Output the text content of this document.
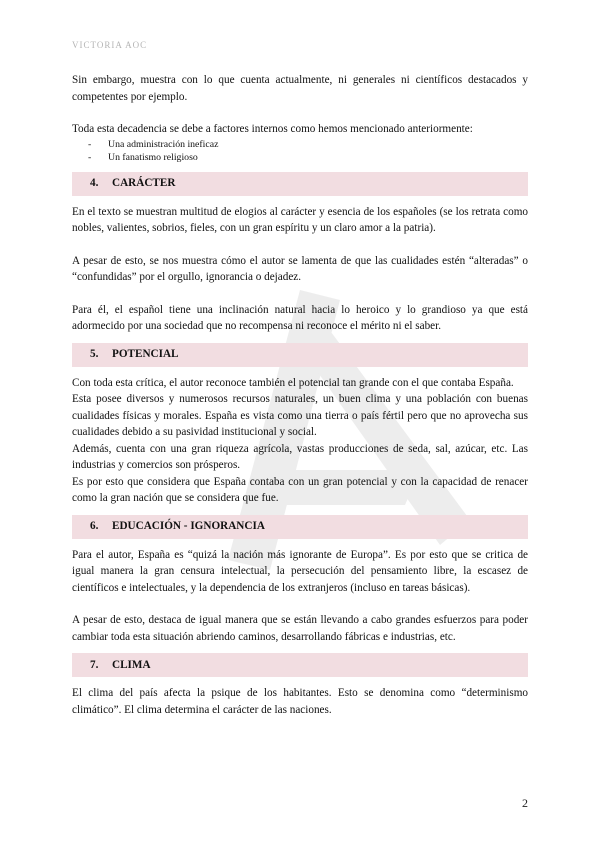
VICTORIA AOC

Sin embargo, muestra con lo que cuenta actualmente, ni generales ni científicos destacados y competentes por ejemplo.

Toda esta decadencia se debe a factores internos como hemos mencionado anteriormente:

- Una administración ineficaz
- Un fanatismo religioso
4.	CARÁCTER

En el texto se muestran multitud de elogios al carácter y esencia de los españoles (se los retrata como nobles, valientes, sobrios, fieles, con un gran espíritu y un claro amor a la patria).

A pesar de esto, se nos muestra cómo el autor se lamenta de que las cualidades estén “alteradas” o “confundidas” por el orgullo, ignorancia o dejadez.

Para él, el español tiene una inclinación natural hacia lo heroico y lo grandioso ya que está adormecido por una sociedad que no recompensa ni reconoce el mérito ni el saber.

5.	POTENCIAL

Con toda esta crítica, el autor reconoce también el potencial tan grande con el que contaba España.

Esta posee diversos y numerosos recursos naturales, un buen clima y una población con buenas cualidades físicas y morales. España es vista como una tierra o país fértil pero que no aprovecha sus cualidades debido a su pasividad institucional y social.

Además, cuenta con una gran riqueza agrícola, vastas producciones de seda, sal, azúcar, etc. Las industrias y comercios son prósperos.

Es por esto que considera que España contaba con un gran potencial y con la capacidad de renacer como la gran nación que se considera que fue.

6.	EDUCACIÓN - IGNORANCIA

Para el autor, España es “quizá la nación más ignorante de Europa”. Es por esto que se critica de igual manera la gran censura intelectual, la persecución del pensamiento libre, la escasez de científicos e intelectuales, y la dependencia de los extranjeros (incluso en tareas básicas).

A pesar de esto, destaca de igual manera que se están llevando a cabo grandes esfuerzos para poder cambiar toda esta situación abriendo caminos, desarrollando fábricas e industrias, etc.

7.	CLIMA

El clima del país afecta la psique de los habitantes. Esto se denomina como “determinismo climático”. El clima determina el carácter de las naciones.

2
